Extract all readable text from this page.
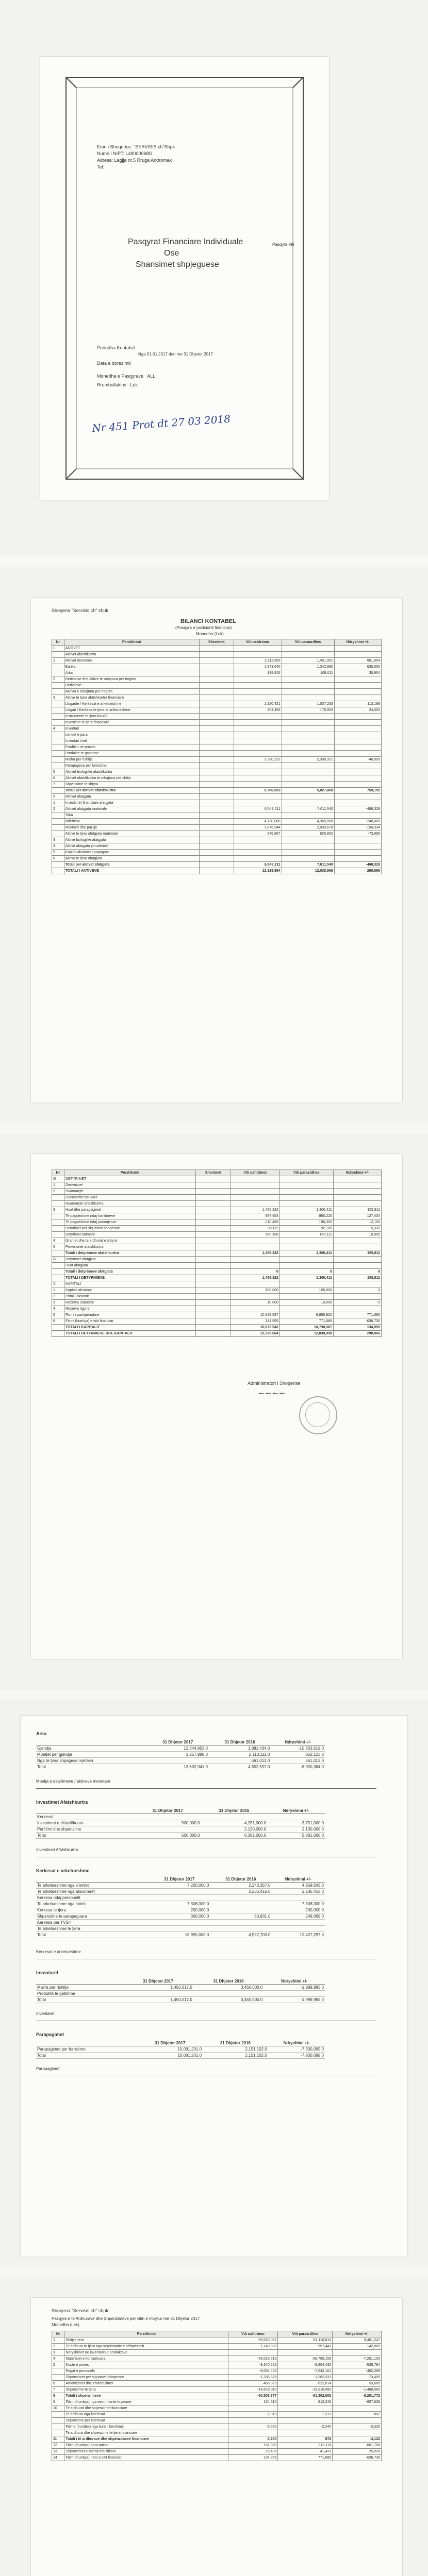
Emri i Shoqerise: "SERVISIS ch"Shpk
Numri i NIPT: L49000068G
Adresa: Lagjja nr.5 Rruga Andromak
Tel:
Pasqyrat Financiare Individuale
Ose
Shansimet shpjeguese
Pasqyra Viti
Periudha Kontabel
Nga 01.01.2017 deri me 31 Dhjetor 2017
Data e dorezimit
Monedha e Pasqyrave ALL
Rrumbullakimi Lek
Nr 451 Prot dt 27 03 2018
Shoqeria "Servisis ch" shpk
BILANCI KONTABEL
(Pasqyra e pozicionit financiar)
Monedha (Lek)
Nr	Pershkrimi	Shenimet	Viti ushtrimor	Viti paraardhes	Ndryshimi +/-
I	AKTIVET				
	Aktivet afatshkurtra				
1	Aktivet monetare		2,112,555	1,451,001	661,554
	Banka		1,973,640	1,342,990	630,650
	Arka		138,915	108,011	30,904
2	Derivative dhe aktive te mbajtura per tregtim				
	Derivative				
	Aktivet e mbajtura per tregtim				
3	Aktive te tjera afatshkurtra financiare				
	Llogarite / Kerkesat e arketueshme		1,120,421	1,007,233	113,188
	Llogari / Kerkesa te tjera te arketueshme		203,455	178,903	24,552
	Instrumente te tjera borxhi				
	Investime te tjera financiare				
4	Inventari				
	Lendet e para				
	Inventari imet				
	Prodhim ne proces				
	Produkte te gatshme				
	Mallra per rishitje		2,350,222	2,390,321	-40,099
	Parapagesa per furnizime				
5	Aktivet biologjike afatshkurtra				
6	Aktivet afatshkurtra te mbajtura per shitje				
7	Shpenzime te shtyra				
	Totali per aktivet afatshkurtra		5,786,653	5,027,458	759,195
II	Aktivet afatgjata				
1	Investimet financiare afatgjata				
2	Aktivet afatgjata materiale		6,543,211	7,011,540	-468,329
	Toka				
	Ndertesa		4,120,000	4,360,000	-240,000
	Makineri dhe pajisje		1,876,344	2,030,678	-154,334
	Aktive te tjera afatgjata materiale		546,867	620,862	-73,995
3	Aktive biologjike afatgjata				
4	Aktive afatgjata jomateriale				
5	Kapital aksionar i papaguar				
6	Aktive te tjera afatgjata				
	Totali per aktivet afatgjata		6,543,211	7,011,540	-468,329
	TOTALI I AKTIVEVE		12,329,864	12,038,998	290,866
Nr	Pershkrimi	Shenimet	Viti ushtrimor	Viti paraardhes	Ndryshimi +/-
III	DETYRIMET				
1	Derivativet				
2	Huamarrjet				
	Overdraftet bankare				
	Huamarrjet afatshkurtra				
3	Huat dhe parapagimet		1,456,322	1,300,411	155,911
	Te pagueshme ndaj furnitoreve		987,654	860,220	127,434
	Te pagueshme ndaj punonjesve		210,450	198,300	12,150
	Detyrimet per sigurimet shoqerore		98,112	92,780	5,332
	Detyrimet tatimore		160,106	149,111	10,995
4	Grantet dhe te ardhurat e shtyra				
5	Provizionet afatshkurtra				
	Totali i detyrimeve afatshkurtra		1,456,322	1,300,411	155,911
IV	Detyrimet afatgjata				
	Huat afatgjata				
	Totali i detyrimeve afatgjata		0	0	0
	TOTALI I DETYRIMEVE		1,456,322	1,300,411	155,911
V	KAPITALI				
1	Kapitali aksionar		100,000	100,000	0
2	Primi i aksionit				
3	Rezerva statutore		10,000	10,000	0
4	Rezerva ligjore				
5	Fitimi i pashperndare		10,628,587	9,856,902	771,685
6	Fitimi (humbja) e vitit financiar		134,955	771,685	-636,730
	TOTALI I KAPITALIT		10,873,542	10,738,587	134,955
	TOTALI I DETYRIMEVE DHE KAPITALIT		12,329,864	12,038,998	290,866
Administratori i Shoqerise
~~~~
Arka
	31 Dhjetor 2017	31 Dhjetor 2016	Ndryshimi +/-
Gjendja	12,344,953.0	1,981,434.0	-10,363,519.0
Mbetjet per gjendje	1,257,988.0	2,110,111.0	852,123.0
Nga te tjera shpagesa mjetesh		561,012.0	561,012.0
Total	13,602,941.0	4,652,557.0	-8,950,384.0
Mbetja e detyrimeve / aktiveve monetare
Investimet Afatshkurtra
	31 Dhjetor 2017	31 Dhjetor 2016	Ndryshimi +/-
Kerkesat			
Investimet e riklasifikuara	500,000.0	4,251,000.0	3,751,000.0
Perfitimi dhe shpenzime		2,130,000.0	2,130,000.0
Total	500,000.0	6,381,000.0	5,881,000.0
Investimet Afatshkurtra
Kerkesat e arketueshme
	31 Dhjetor 2017	31 Dhjetor 2016	Ndryshimi +/-
Te arketueshme nga klientet	7,200,000.0	2,240,357.0	4,959,643.0
Te arketueshme nga aksionaret		2,236,415.0	2,236,415.0
Kerkesa ndaj personelit			
Te arketueshme nga shteti	7,308,000.0		7,308,000.0
Kerkesa te tjera	200,000.0		200,000.0
Shpenzime te parapaguara	300,000.0	50,931.0	249,069.0
Kerkesa per TVSH			
Te arketueshme te tjera			
Total	16,955,000.0	4,527,703.0	12,427,297.0
Kerkesat e arketueshme
Inventaret
	31 Dhjetor 2017	31 Dhjetor 2016	Ndryshimi +/-
Mallra per rishitje	1,450,017.0	3,450,000.0	-1,999,983.0
Produkte te gatshme			
Total	1,450,017.0	3,450,000.0	-1,999,983.0
Inventaret
Parapagimet
	31 Dhjetor 2017	31 Dhjetor 2016	Ndryshimi +/-
Parapagimet per furnizime	10,081,201.0	2,151,102.0	-7,930,099.0
Total	10,081,201.0	2,151,102.0	-7,930,099.0
Parapagimet
Shoqeria "Servisis ch" shpk
Pasqyra e te Ardhurave dhe Shpenzimeve per vitin e mbyllur me 31 Dhjetor 2017
Monedha (Lek)
Nr	Pershkrimi	Viti ushtrimor	Viti paraardhes	Ndryshimi +/-
1	Shitjet neto	89,518,057	81,116,810	8,401,247
2	Te ardhura te tjera nga veprimtarite e shfrytezimit	1,140,330	997,441	142,889
3	Ndryshimet ne inventarin e produkteve			
4	Materialet e konsumuara	-66,016,212	-58,765,109	-7,251,103
5	Kosto e punes	-9,340,226	-8,804,432	-535,794
	Pagat e personelit	-8,004,400	-7,542,101	-462,299
	Shpenzimet per sigurimet shoqerore	-1,335,826	-1,262,331	-73,495
6	Amortizimet dhe zhvleresimet	-468,329	-522,014	53,685
7	Shpenzime te tjera	-14,679,010	-13,210,450	-1,468,560
8	Totali i shpenzimeve	-90,503,777	-81,302,005	-9,201,772
9	Fitimi (humbja) nga veprimtarite kryesore	154,610	812,246	-657,636
10	Te ardhurat dhe shpenzimet financiare			
	Te ardhura nga interesat	2,310	3,112	-802
	Shpenzime per interesat			
	Fitime (humbje) nga kursi i kembimit	-5,560	-2,240	-3,320
	Te ardhura dhe shpenzime te tjera financiare			
11	Totali i te ardhurave dhe shpenzimeve financiare	-3,250	872	-4,122
12	Fitimi (humbja) para tatimit	151,360	813,118	-661,758
13	Shpenzimet e tatimit mbi fitimin	-16,405	-41,433	25,028
14	Fitimi (humbja) neto e vitit financiar	134,955	771,685	-636,730
